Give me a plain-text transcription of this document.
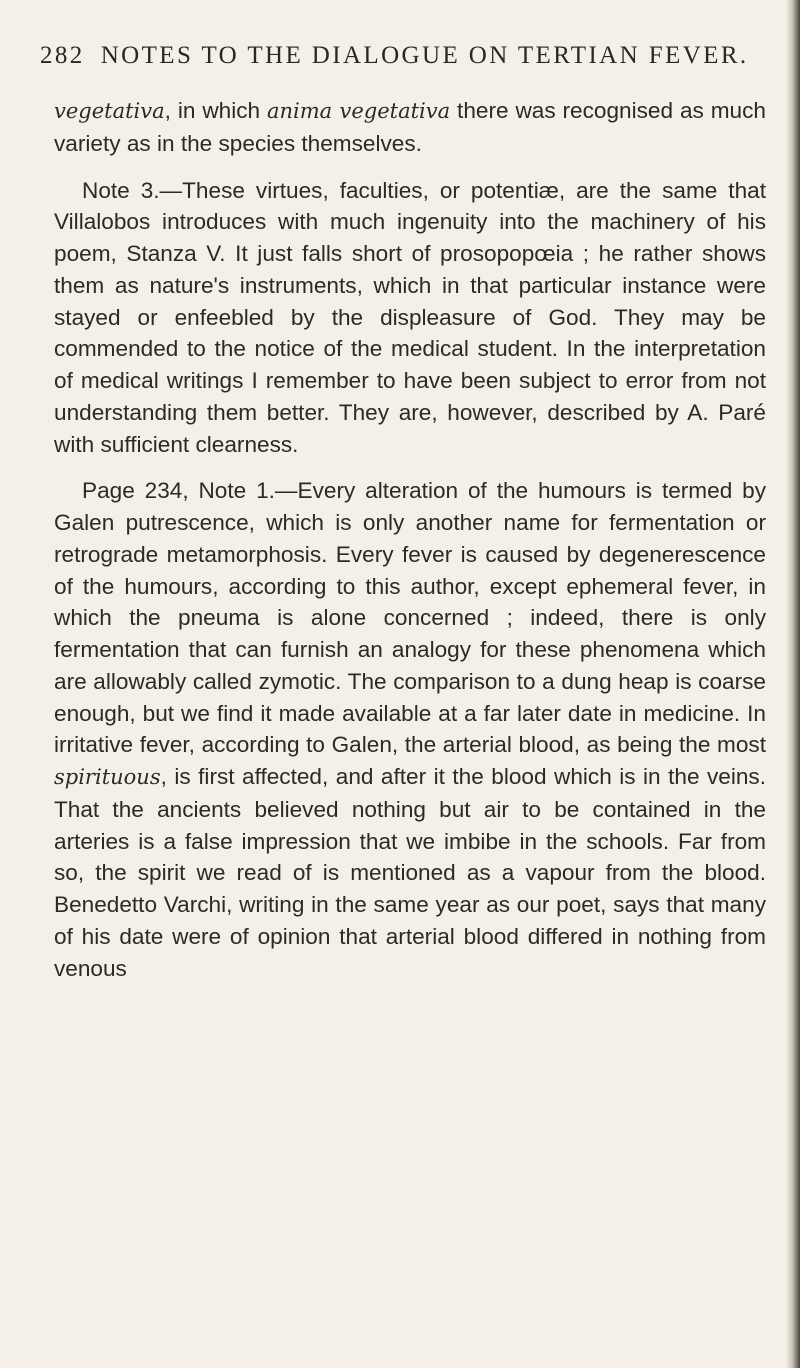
282 NOTES TO THE DIALOGUE ON TERTIAN FEVER.

vegetativa, in which anima vegetativa there was recognised as much variety as in the species themselves.

Note 3.—These virtues, faculties, or potentiæ, are the same that Villalobos introduces with much ingenuity into the machinery of his poem, Stanza V. It just falls short of prosopopœia ; he rather shows them as nature's instruments, which in that particular instance were stayed or enfeebled by the displeasure of God. They may be commended to the notice of the medical student. In the interpretation of medical writings I remember to have been subject to error from not understanding them better. They are, however, described by A. Paré with sufficient clearness.

Page 234, Note 1.—Every alteration of the humours is termed by Galen putrescence, which is only another name for fermentation or retrograde metamorphosis. Every fever is caused by degenerescence of the humours, according to this author, except ephemeral fever, in which the pneuma is alone concerned ; indeed, there is only fermentation that can furnish an analogy for these phenomena which are allowably called zymotic. The comparison to a dung heap is coarse enough, but we find it made available at a far later date in medicine. In irritative fever, according to Galen, the arterial blood, as being the most spirituous, is first affected, and after it the blood which is in the veins. That the ancients believed nothing but air to be contained in the arteries is a false impression that we imbibe in the schools. Far from so, the spirit we read of is mentioned as a vapour from the blood. Benedetto Varchi, writing in the same year as our poet, says that many of his date were of opinion that arterial blood differed in nothing from venous
